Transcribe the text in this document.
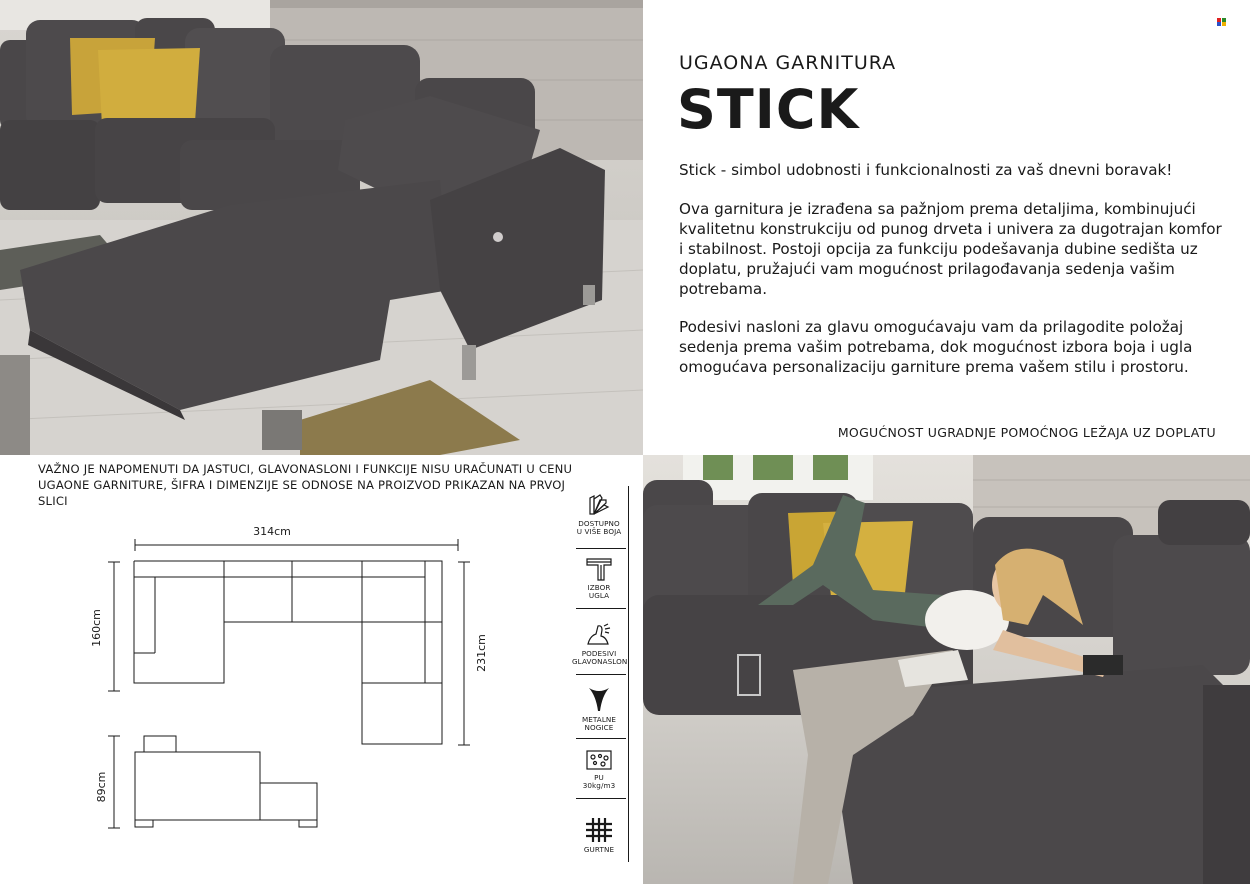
UGAONA GARNITURA
STICK

Stick - simbol udobnosti i funkcionalnosti za vaš dnevni boravak!

Ova garnitura je izrađena sa pažnjom prema detaljima, kombinujući kvalitetnu konstrukciju od punog drveta i univera za dugotrajan komfor i stabilnost. Postoji opcija za funkciju podešavanja dubine sedišta uz doplatu, pružajući vam mogućnost prilagođavanja sedenja vašim potrebama.

Podesivi nasloni za glavu omogućavaju vam da prilagodite položaj sedenja prema vašim potrebama, dok mogućnost izbora boja i ugla omogućava personalizaciju garniture prema vašem stilu i prostoru.

MOGUĆNOST UGRADNJE POMOĆNOG LEŽAJA UZ DOPLATU

VAŽNO JE NAPOMENUTI DA JASTUCI, GLAVONASLONI I FUNKCIJE NISU URAČUNATI U CENU UGAONE GARNITURE, ŠIFRA I DIMENZIJE SE ODNOSE NA PROIZVOD PRIKAZAN NA PRVOJ SLICI

314cm
160cm
231cm
89cm
DOSTUPNO
U VIŠE BOJA
IZBOR
UGLA
PODESIVI
GLAVONASLONI
METALNE
NOGICE
PU
30kg/m3
GURTNE
